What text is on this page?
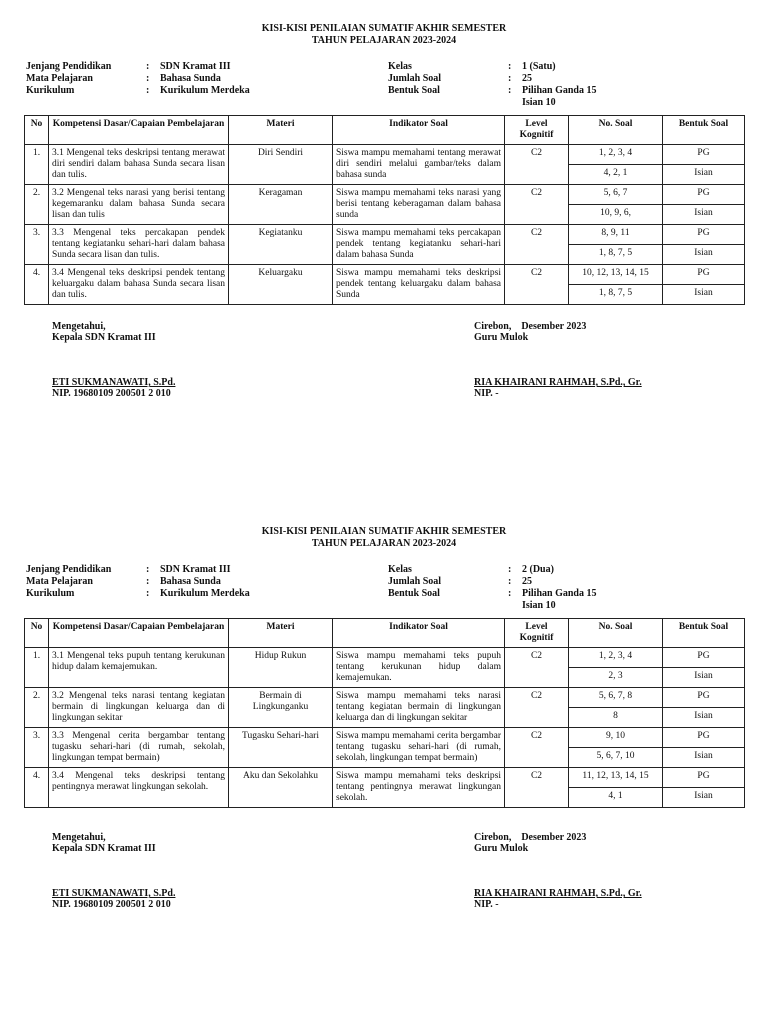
KISI-KISI PENILAIAN SUMATIF AKHIR SEMESTER
TAHUN PELAJARAN 2023-2024
Jenjang Pendidikan	: SDN Kramat III
Mata Pelajaran	: Bahasa Sunda
Kurikulum	: Kurikulum Merdeka
Kelas	: 1 (Satu)
Jumlah Soal	: 25
Bentuk Soal	: Pilihan Ganda 15
Isian 10
No	Kompetensi Dasar/Capaian Pembelajaran	Materi	Indikator Soal	Level Kognitif	No. Soal	Bentuk Soal
1.	3.1 Mengenal teks deskripsi tentang merawat diri sendiri dalam bahasa Sunda secara lisan dan tulis.	Diri Sendiri	Siswa mampu memahami tentang merawat diri sendiri melalui gambar/teks dalam bahasa sunda	C2	1, 2, 3, 4	PG
					4, 2, 1	Isian
2.	3.2 Mengenal teks narasi yang berisi tentang kegemaranku dalam bahasa Sunda secara lisan dan tulis	Keragaman	Siswa mampu memahami teks narasi yang berisi tentang keberagaman dalam bahasa sunda	C2	5, 6, 7	PG
					10, 9, 6,	Isian
3.	3.3 Mengenal teks percakapan pendek tentang kegiatanku sehari-hari dalam bahasa Sunda secara lisan dan tulis.	Kegiatanku	Siswa mampu memahami teks percakapan pendek tentang kegiatanku sehari-hari dalam bahasa Sunda	C2	8, 9, 11	PG
					1, 8, 7, 5	Isian
4.	3.4 Mengenal teks deskripsi pendek tentang keluargaku dalam bahasa Sunda secara lisan dan tulis.	Keluargaku	Siswa mampu memahami teks deskripsi pendek tentang keluargaku dalam bahasa Sunda	C2	10, 12, 13, 14, 15	PG
					1, 8, 7, 5	Isian
Mengetahui,
Kepala SDN Kramat III
ETI SUKMANAWATI, S.Pd.
NIP. 19680109 200501 2 010
Cirebon,    Desember 2023
Guru Mulok
RIA KHAIRANI RAHMAH, S.Pd., Gr.
NIP. -
KISI-KISI PENILAIAN SUMATIF AKHIR SEMESTER
TAHUN PELAJARAN 2023-2024
Jenjang Pendidikan	: SDN Kramat III
Mata Pelajaran	: Bahasa Sunda
Kurikulum	: Kurikulum Merdeka
Kelas	: 2 (Dua)
Jumlah Soal	: 25
Bentuk Soal	: Pilihan Ganda 15
Isian 10
No	Kompetensi Dasar/Capaian Pembelajaran	Materi	Indikator Soal	Level Kognitif	No. Soal	Bentuk Soal
1.	3.1 Mengenal teks pupuh tentang kerukunan hidup dalam kemajemukan.	Hidup Rukun	Siswa mampu memahami teks pupuh tentang kerukunan hidup dalam kemajemukan.	C2	1, 2, 3, 4	PG
					2, 3	Isian
2.	3.2 Mengenal teks narasi tentang kegiatan bermain di lingkungan keluarga dan di lingkungan sekitar	Bermain di Lingkunganku	Siswa mampu memahami teks narasi tentang kegiatan bermain di lingkungan keluarga dan di lingkungan sekitar	C2	5, 6, 7, 8	PG
					8	Isian
3.	3.3 Mengenal cerita bergambar tentang tugasku sehari-hari (di rumah, sekolah, lingkungan tempat bermain)	Tugasku Sehari-hari	Siswa mampu memahami cerita bergambar tentang tugasku sehari-hari (di rumah, sekolah, lingkungan tempat bermain)	C2	9, 10	PG
					5, 6, 7, 10	Isian
4.	3.4 Mengenal teks deskripsi tentang pentingnya merawat lingkungan sekolah.	Aku dan Sekolahku	Siswa mampu memahami teks deskripsi tentang pentingnya merawat lingkungan sekolah.	C2	11, 12, 13, 14, 15	PG
					4, 1	Isian
Mengetahui,
Kepala SDN Kramat III
ETI SUKMANAWATI, S.Pd.
NIP. 19680109 200501 2 010
Cirebon,    Desember 2023
Guru Mulok
RIA KHAIRANI RAHMAH, S.Pd., Gr.
NIP. -
